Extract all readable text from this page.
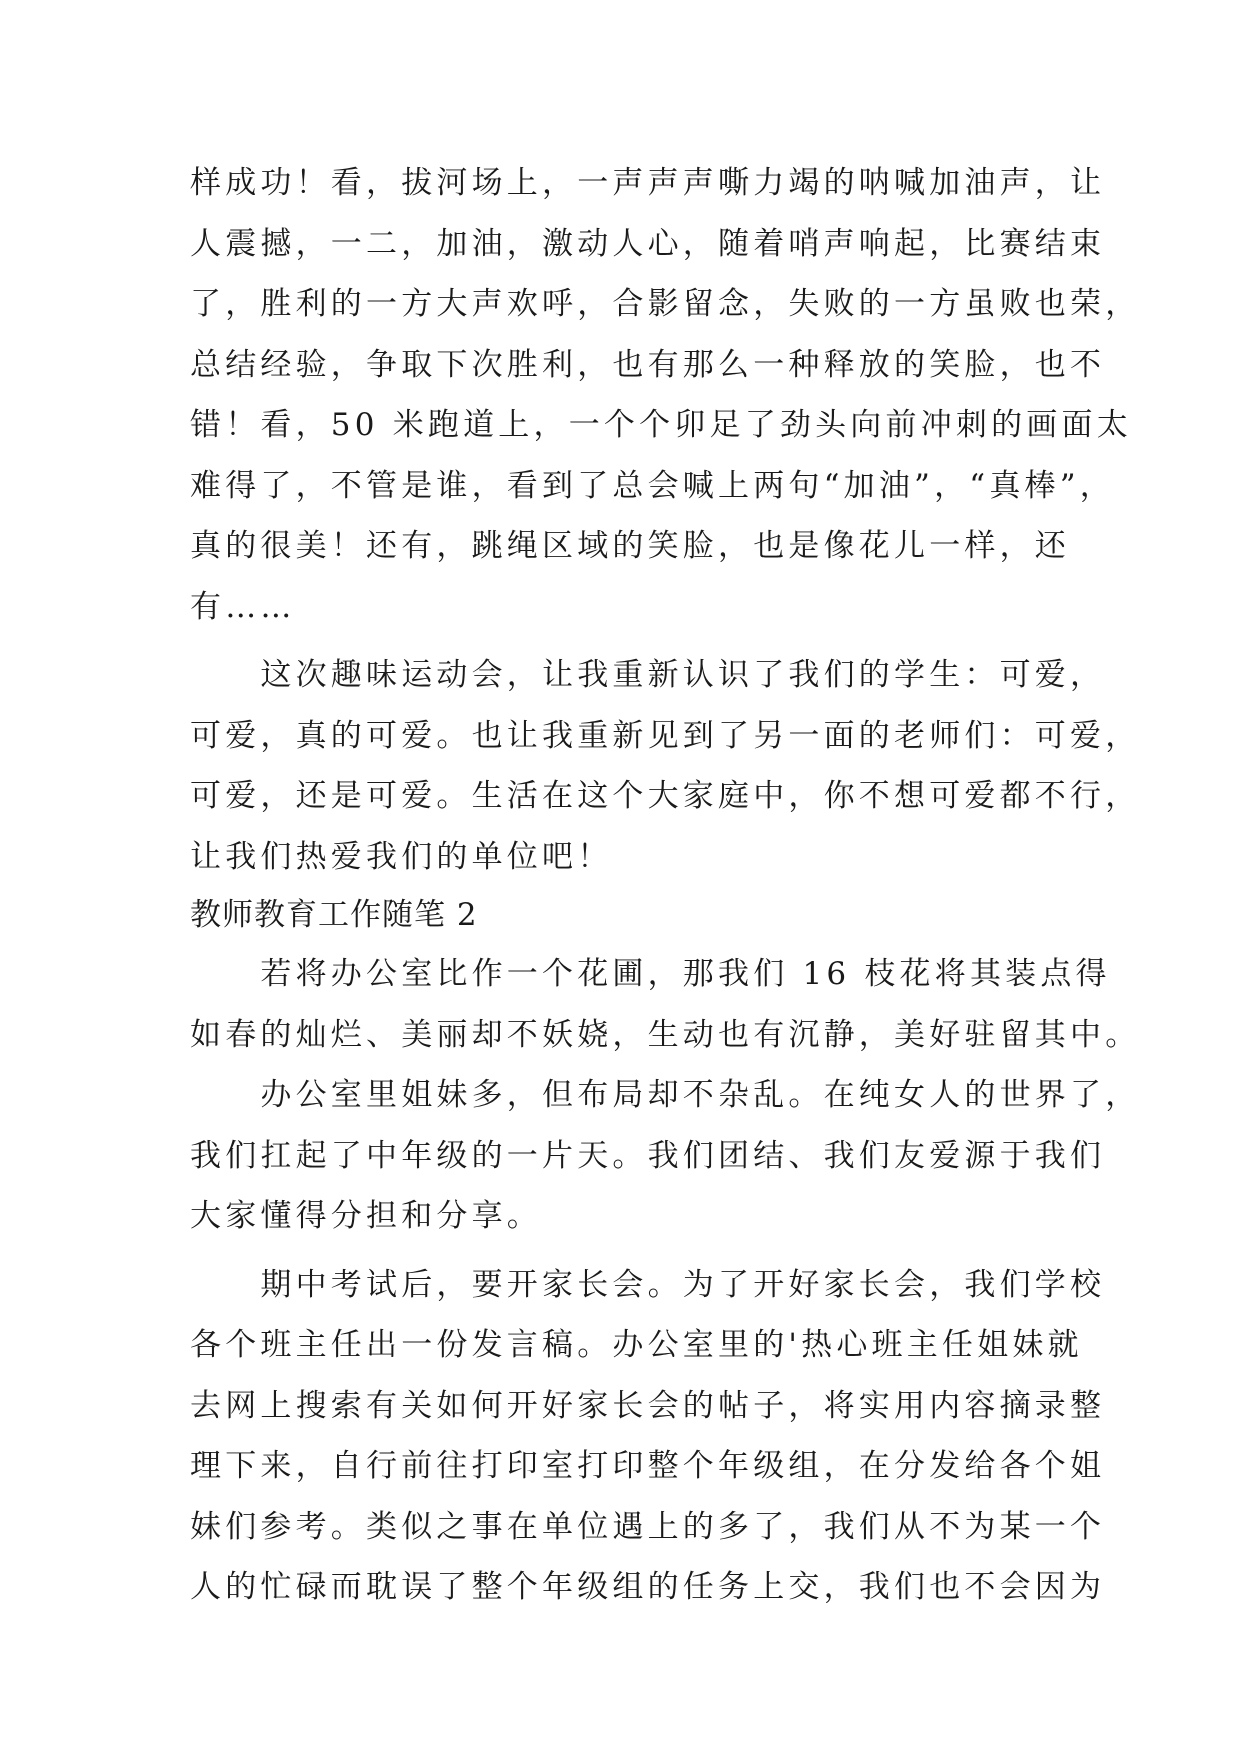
样成功！看，拔河场上，一声声声嘶力竭的呐喊加油声，让
人震撼，一二，加油，激动人心，随着哨声响起，比赛结束
了，胜利的一方大声欢呼，合影留念，失败的一方虽败也荣，
总结经验，争取下次胜利，也有那么一种释放的笑脸，也不
错！看，50 米跑道上，一个个卯足了劲头向前冲刺的画面太
难得了，不管是谁，看到了总会喊上两句“加油”，“真棒”，
真的很美！还有，跳绳区域的笑脸，也是像花儿一样，还
有……
　　这次趣味运动会，让我重新认识了我们的学生：可爱，
可爱，真的可爱。也让我重新见到了另一面的老师们：可爱，
可爱，还是可爱。生活在这个大家庭中，你不想可爱都不行，
让我们热爱我们的单位吧！
教师教育工作随笔 2
　　若将办公室比作一个花圃，那我们 16 枝花将其装点得
如春的灿烂、美丽却不妖娆，生动也有沉静，美好驻留其中。
　　办公室里姐妹多，但布局却不杂乱。在纯女人的世界了，
我们扛起了中年级的一片天。我们团结、我们友爱源于我们
大家懂得分担和分享。
　　期中考试后，要开家长会。为了开好家长会，我们学校
各个班主任出一份发言稿。办公室里的'热心班主任姐妹就
去网上搜索有关如何开好家长会的帖子，将实用内容摘录整
理下来，自行前往打印室打印整个年级组，在分发给各个姐
妹们参考。类似之事在单位遇上的多了，我们从不为某一个
人的忙碌而耽误了整个年级组的任务上交，我们也不会因为
